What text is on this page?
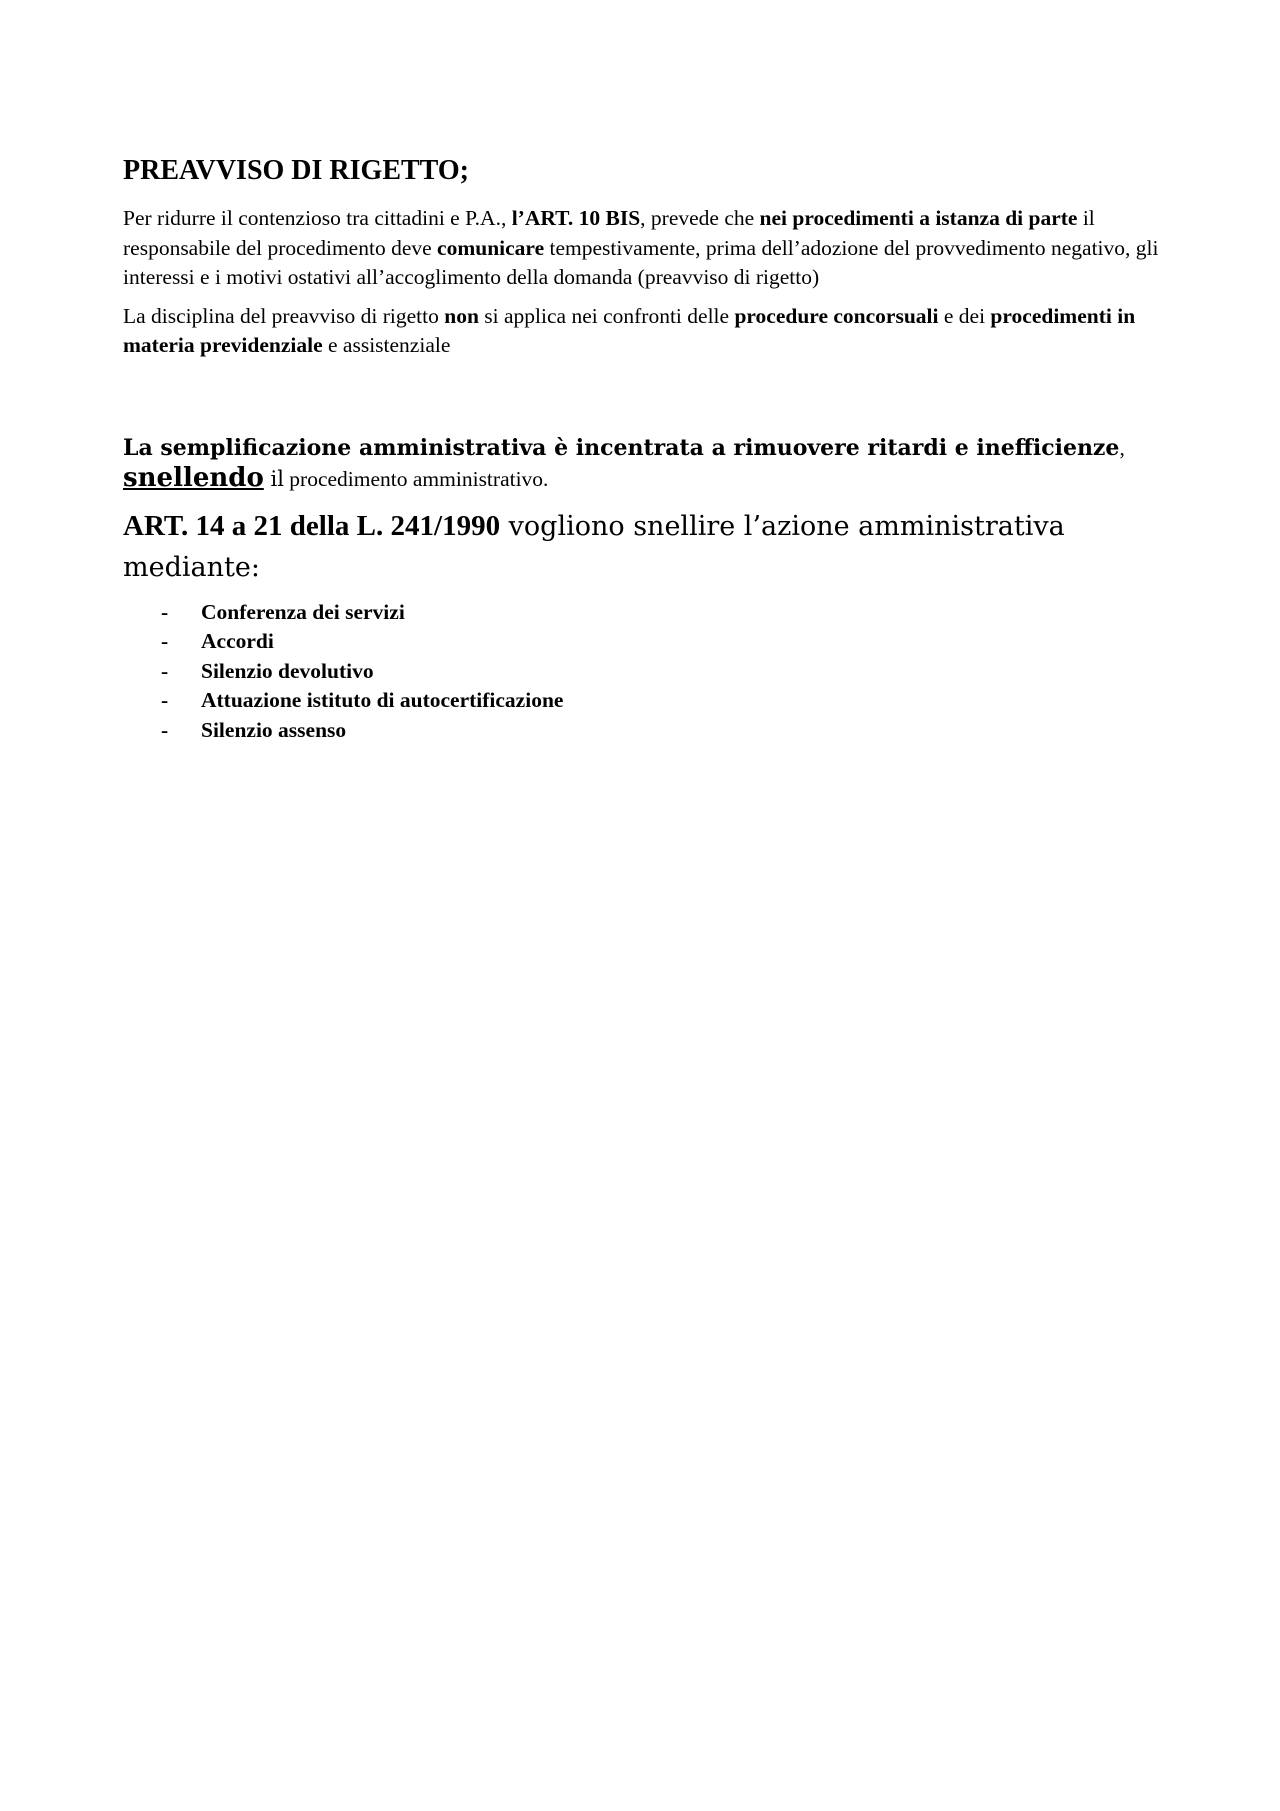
PREAVVISO DI RIGETTO;

Per ridurre il contenzioso tra cittadini e P.A., l’ART. 10 BIS, prevede che nei procedimenti a istanza di parte il responsabile del procedimento deve comunicare tempestivamente, prima dell’adozione del provvedimento negativo, gli interessi e i motivi ostativi all’accoglimento della domanda (preavviso di rigetto)

La disciplina del preavviso di rigetto non si applica nei confronti delle procedure concorsuali e dei procedimenti in materia previdenziale e assistenziale

La semplificazione amministrativa è incentrata a rimuovere ritardi e inefficienze, snellendo il procedimento amministrativo.

ART. 14 a 21 della L. 241/1990 vogliono snellire l’azione amministrativa mediante:

-	Conferenza dei servizi
-	Accordi
-	Silenzio devolutivo
-	Attuazione istituto di autocertificazione
-	Silenzio assenso
